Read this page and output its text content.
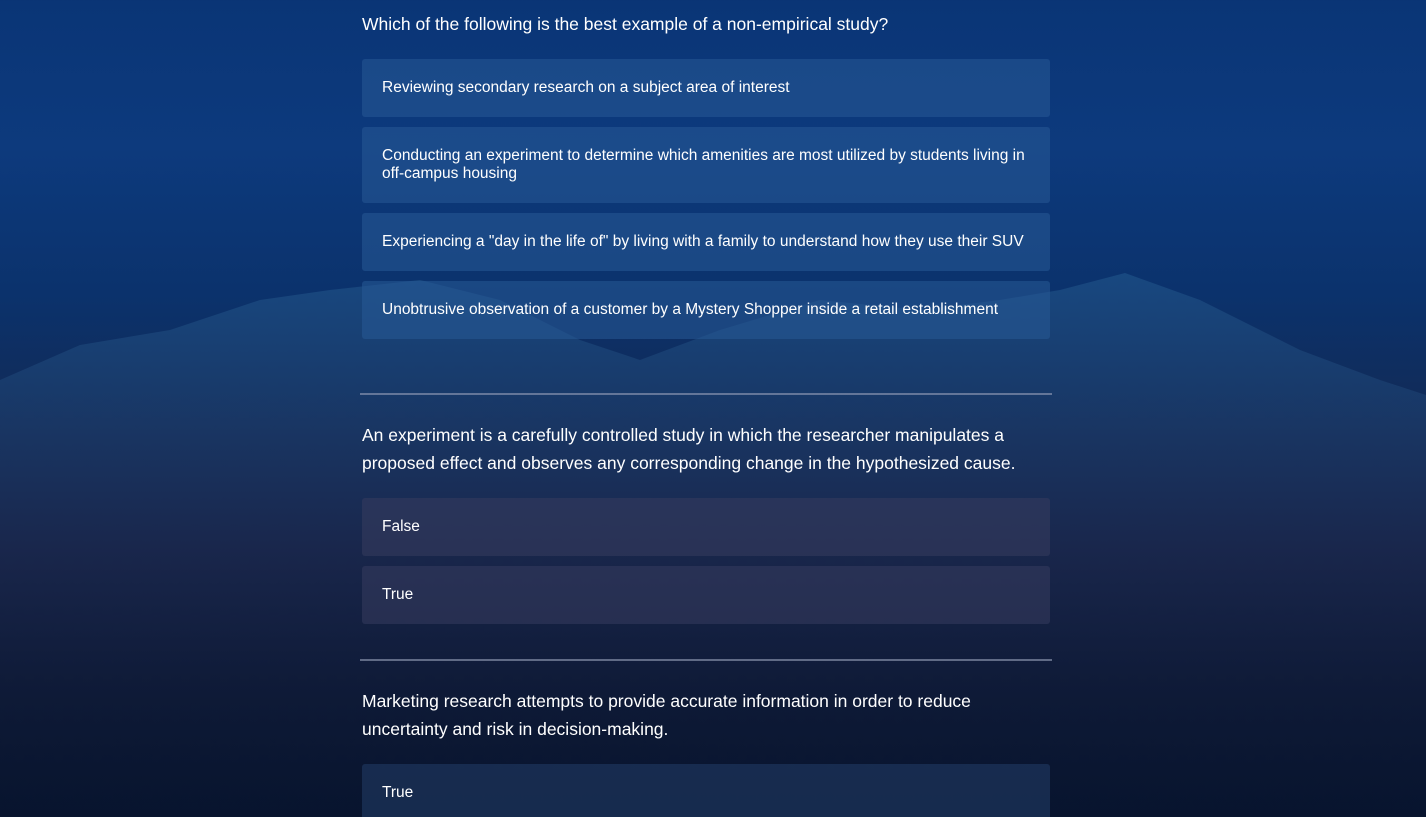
Which of the following is the best example of a non-empirical study?

Reviewing secondary research on a subject area of interest
Conducting an experiment to determine which amenities are most utilized by students living in off-campus housing
Experiencing a "day in the life of" by living with a family to understand how they use their SUV
Unobtrusive observation of a customer by a Mystery Shopper inside a retail establishment

An experiment is a carefully controlled study in which the researcher manipulates a proposed effect and observes any corresponding change in the hypothesized cause.

False
True

Marketing research attempts to provide accurate information in order to reduce uncertainty and risk in decision-making.

True
